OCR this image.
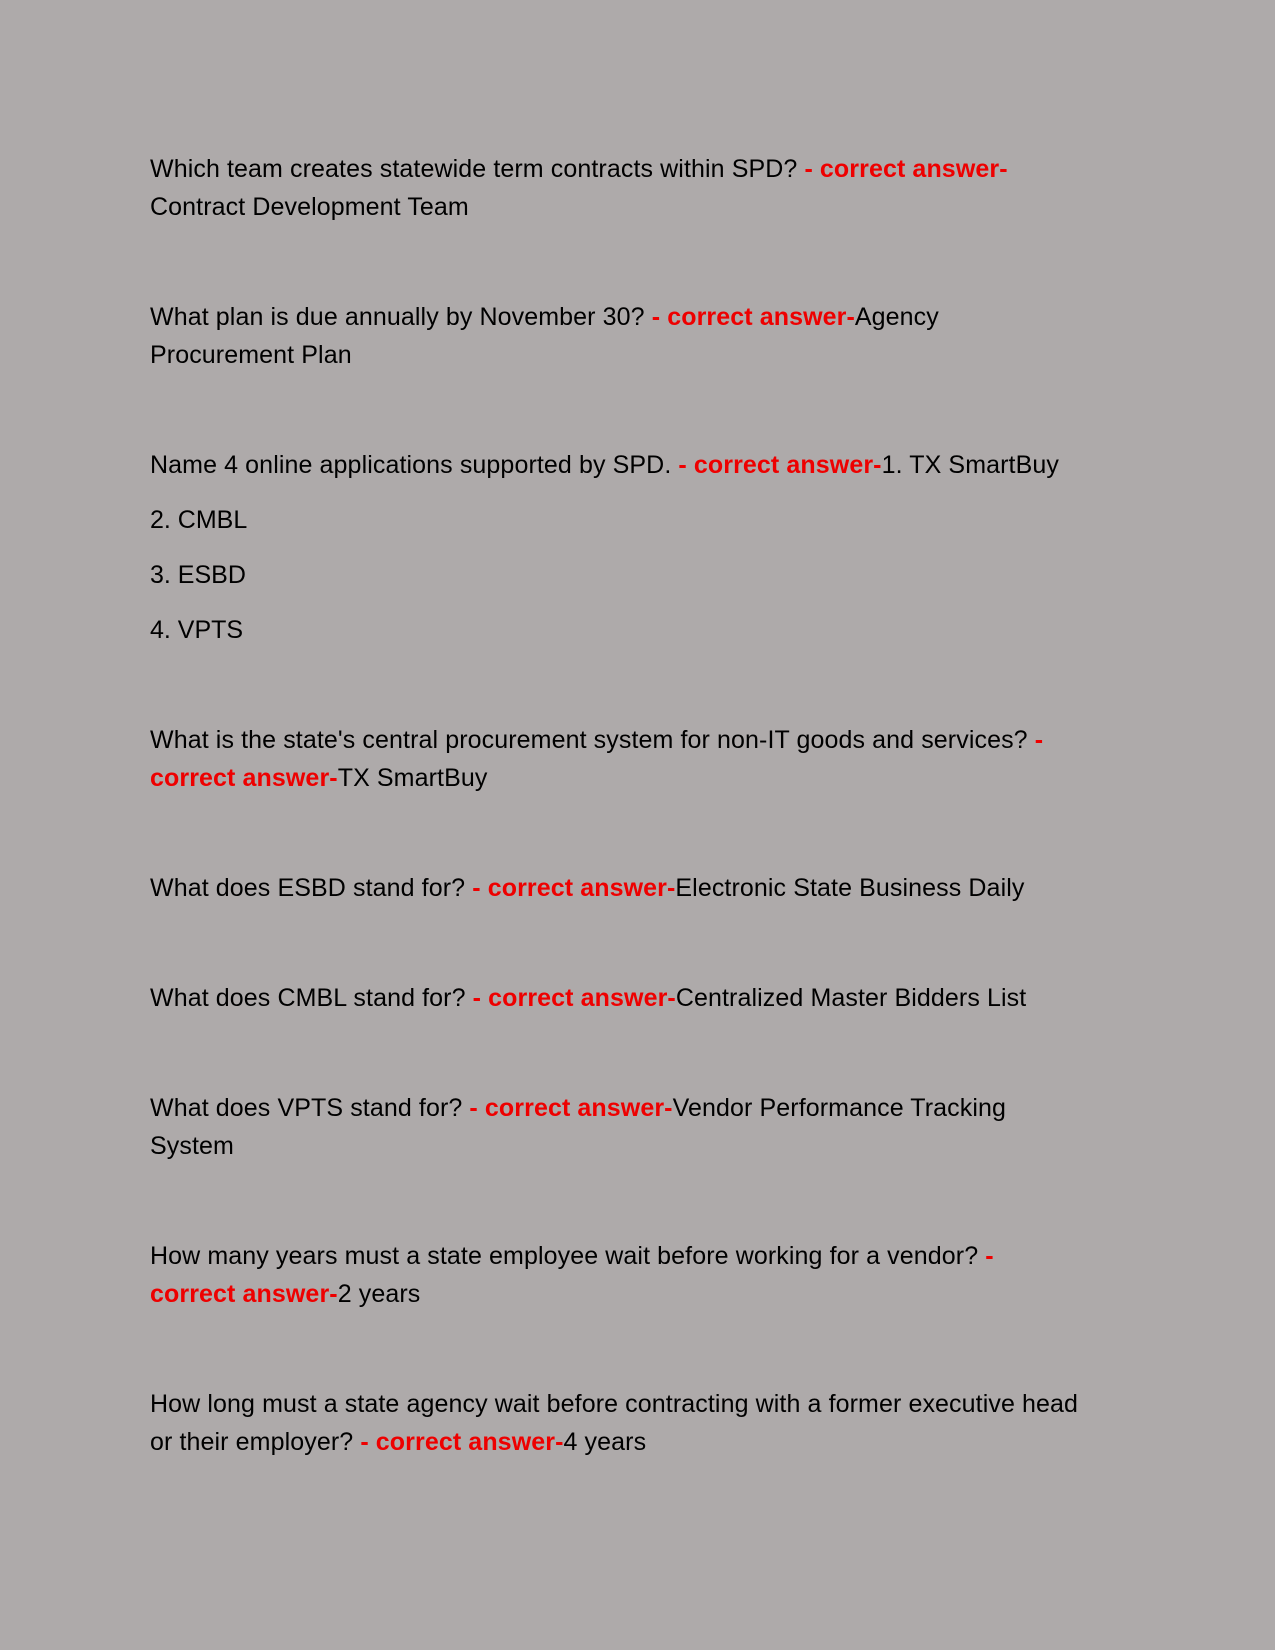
Which team creates statewide term contracts within SPD? - correct answer-Contract Development Team

What plan is due annually by November 30? - correct answer-Agency Procurement Plan

Name 4 online applications supported by SPD. - correct answer-1. TX SmartBuy

2. CMBL

3. ESBD

4. VPTS

What is the state's central procurement system for non-IT goods and services? - correct answer-TX SmartBuy

What does ESBD stand for? - correct answer-Electronic State Business Daily

What does CMBL stand for? - correct answer-Centralized Master Bidders List

What does VPTS stand for? - correct answer-Vendor Performance Tracking System

How many years must a state employee wait before working for a vendor? - correct answer-2 years

How long must a state agency wait before contracting with a former executive head or their employer? - correct answer-4 years
